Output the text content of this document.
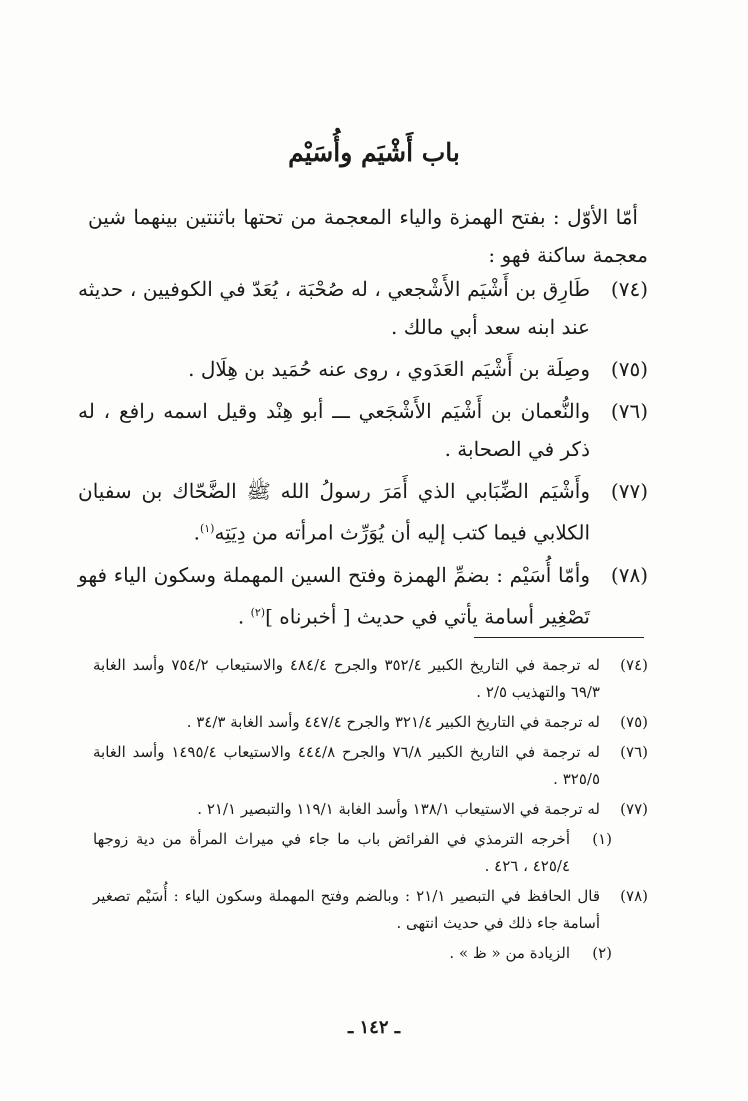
باب أَشْيَم وأُسَيْم

أمّا الأوّل : بفتح الهمزة والياء المعجمة من تحتها باثنتين بينهما شين معجمة ساكنة فهو :

(٧٤)
طَارِق بن أَشْيَم الأَشْجعي ، له صُحْبَة ، يُعَدّ في الكوفيين ، حديثه عند ابنه سعد أبي مالك .
(٧٥)
وصِلَة بن أَشْيَم العَدَوي ، روى عنه حُمَيد بن هِلَال .
(٧٦)
والنُّعمان بن أَشْيَم الأَشْجَعي ـــ أبو هِنْد وقيل اسمه رافع ، له ذكر في الصحابة .
(٧٧)
وأَشْيَم الضِّبَابي الذي أَمَرَ رسولُ الله ﷺ الضَّحّاك بن سفيان الكلابي فيما كتب إليه أن يُوَرِّث امرأته من دِيَتِه$^{(١)}$.
(٧٨)
وأمّا أُسَيْم : بضمِّ الهمزة وفتح السين المهملة وسكون الياء فهو تَصْغِير أسامة يأتي في حديث [ أخبرناه ]$^{(٢)}$ .
(٧٤)
له ترجمة في التاريخ الكبير ٣٥٢/٤ والجرح ٤٨٤/٤ والاستيعاب ٧٥٤/٢ وأسد الغابة ٦٩/٣ والتهذيب ٢/٥ .
(٧٥)
له ترجمة في التاريخ الكبير ٣٢١/٤ والجرح ٤٤٧/٤ وأسد الغابة ٣٤/٣ .
(٧٦)
له ترجمة في التاريخ الكبير ٧٦/٨ والجرح ٤٤٤/٨ والاستيعاب ١٤٩٥/٤ وأسد الغابة ٣٢٥/٥ .
(٧٧)
له ترجمة في الاستيعاب ١٣٨/١ وأسد الغابة ١١٩/١ والتبصير ٢١/١ .
(١)
أخرجه الترمذي في الفرائض باب ما جاء في ميراث المرأة من دية زوجها ٤٢٥/٤ ، ٤٢٦ .
(٧٨)
قال الحافظ في التبصير ٢١/١ : وبالضم وفتح المهملة وسكون الياء : أُسَيْم تصغير أسامة جاء ذلك في حديث انتهى .
(٢)
الزيادة من « ظ » .
ـ ١٤٢ ـ
